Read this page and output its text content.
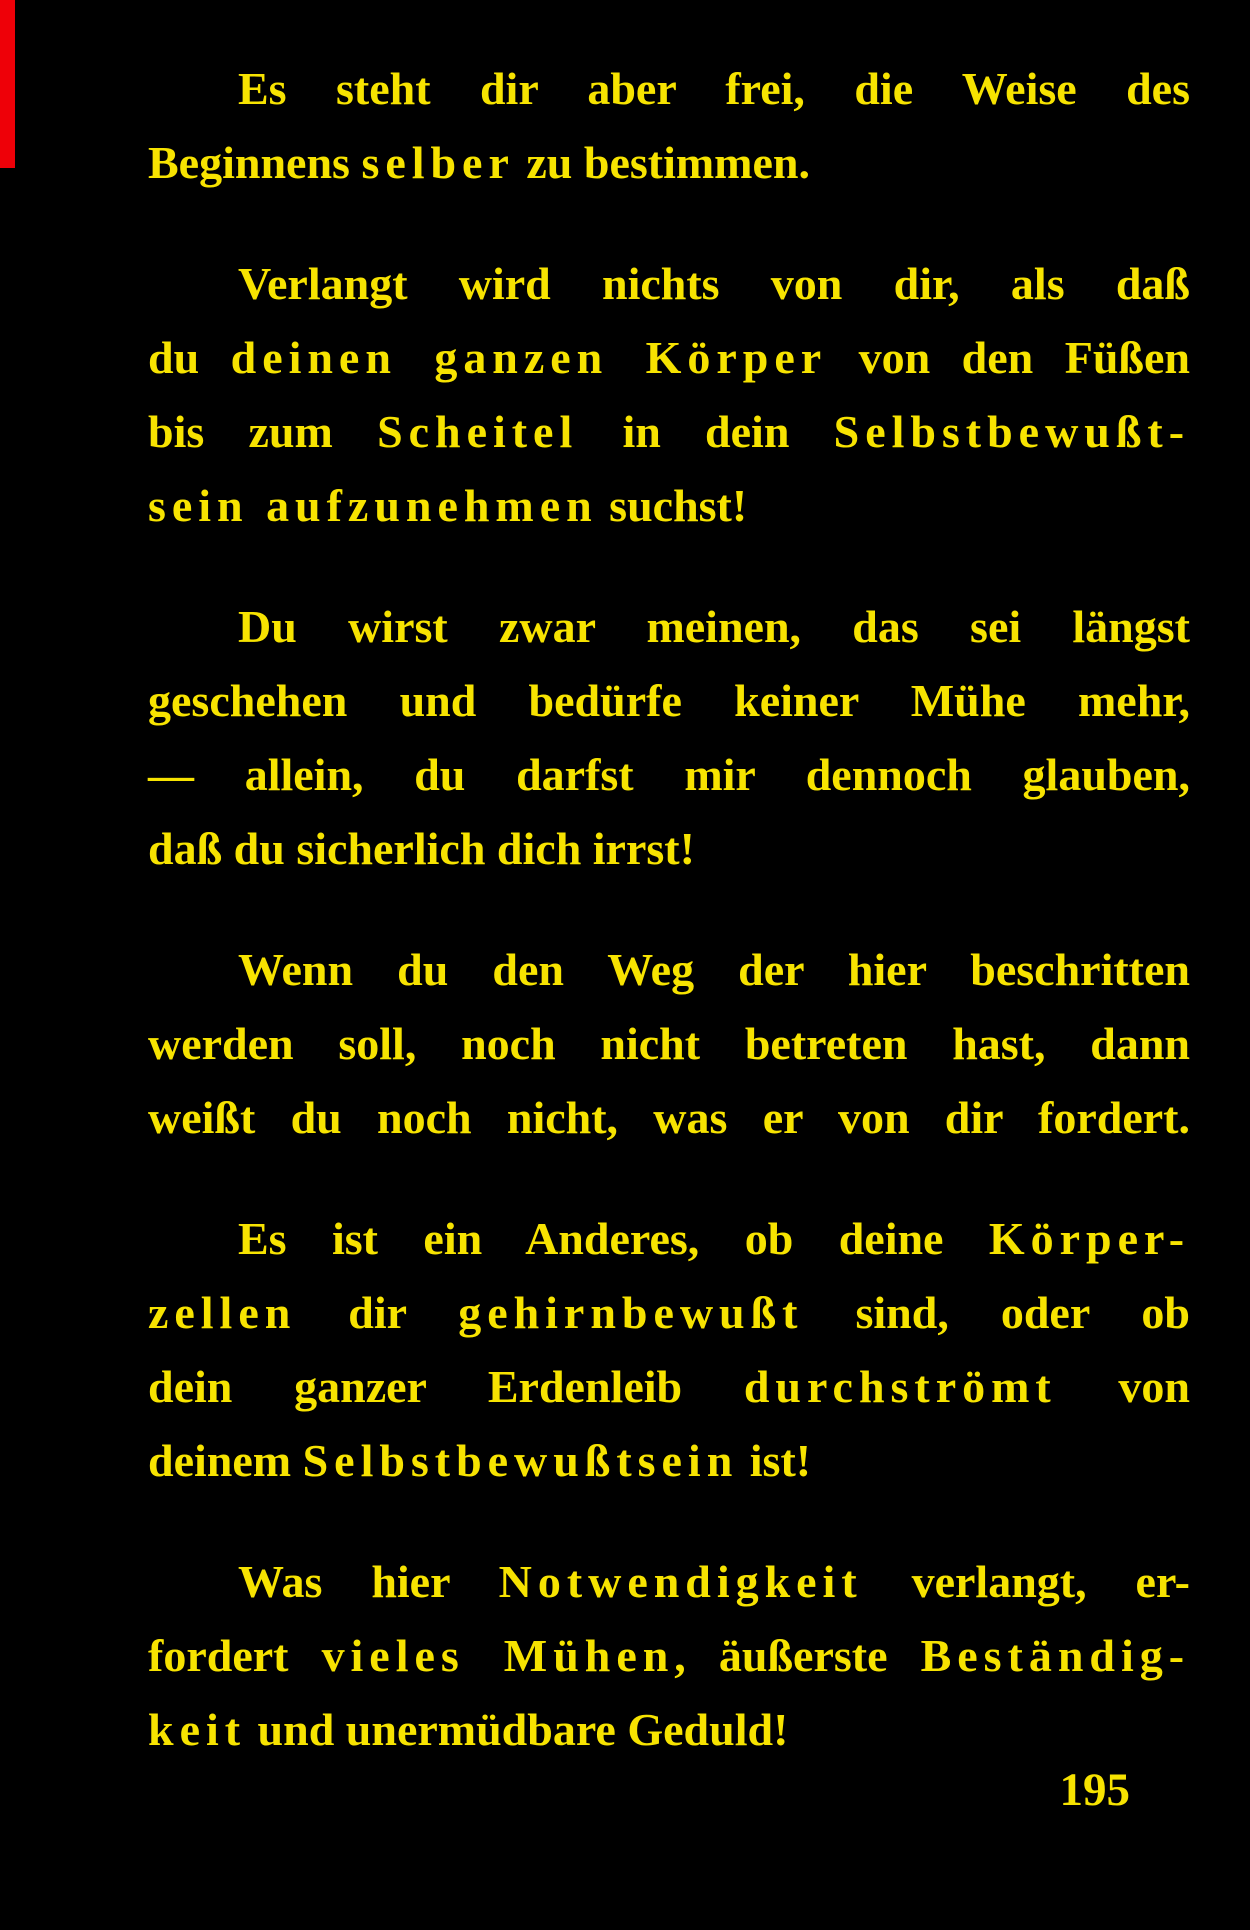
Es steht dir aber frei, die Weise des
Beginnens selber zu bestimmen.
Verlangt wird nichts von dir, als daß
du deinen ganzen Körper von den Füßen
bis zum Scheitel in dein Selbstbewußt-
sein aufzunehmen suchst!
Du wirst zwar meinen, das sei längst
geschehen und bedürfe keiner Mühe mehr,
— allein, du darfst mir dennoch glauben,
daß du sicherlich dich irrst!
Wenn du den Weg der hier beschritten
werden soll, noch nicht betreten hast, dann
weißt du noch nicht, was er von dir fordert.
Es ist ein Anderes, ob deine Körper-
zellen dir gehirnbewußt sind, oder ob
dein ganzer Erdenleib durchströmt von
deinem Selbstbewußtsein ist!
Was hier Notwendigkeit verlangt, er-
fordert vieles Mühen, äußerste Beständig-
keit und unermüdbare Geduld!
195
